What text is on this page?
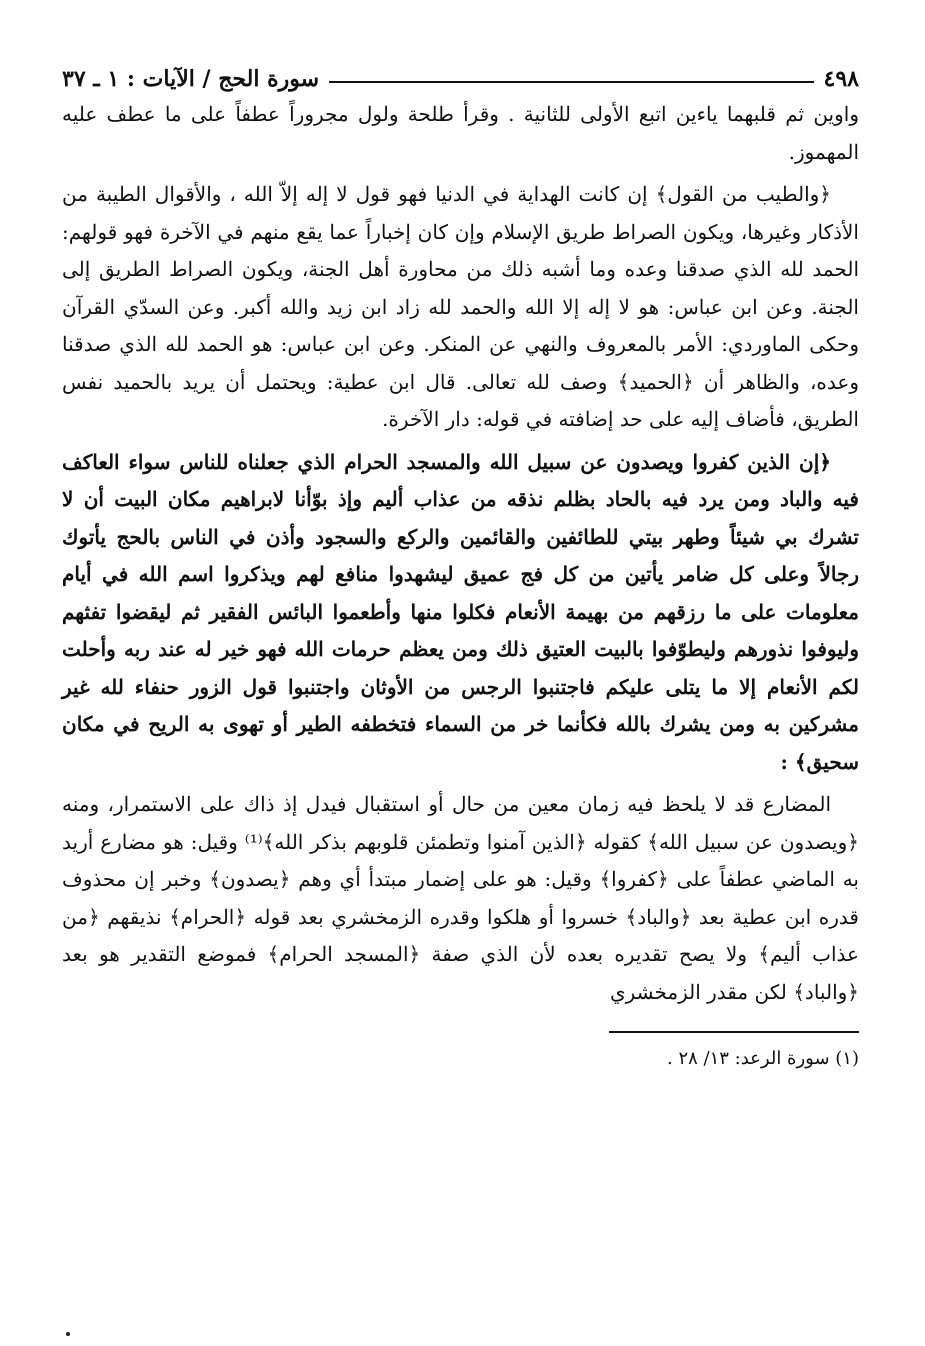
٤٩٨
سورة الحج / الآيات : ١ ـ ٣٧

واوين ثم قلبهما ياءين اتبع الأولى للثانية . وقرأ طلحة ولول مجروراً عطفاً على ما عطف عليه المهموز.

﴿والطيب من القول﴾ إن كانت الهداية في الدنيا فهو قول لا إله إلاّ الله ، والأقوال الطيبة من الأذكار وغيرها، ويكون الصراط طريق الإسلام وإن كان إخباراً عما يقع منهم في الآخرة فهو قولهم: الحمد لله الذي صدقنا وعده وما أشبه ذلك من محاورة أهل الجنة، ويكون الصراط الطريق إلى الجنة. وعن ابن عباس: هو لا إله إلا الله والحمد لله زاد ابن زيد والله أكبر. وعن السدّي القرآن وحكى الماوردي: الأمر بالمعروف والنهي عن المنكر. وعن ابن عباس: هو الحمد لله الذي صدقنا وعده، والظاهر أن ﴿الحميد﴾ وصف لله تعالى. قال ابن عطية: ويحتمل أن يريد بالحميد نفس الطريق، فأضاف إليه على حد إضافته في قوله: دار الآخرة.

﴿إن الذين كفروا ويصدون عن سبيل الله والمسجد الحرام الذي جعلناه للناس سواء العاكف فيه والباد ومن يرد فيه بالحاد بظلم نذقه من عذاب أليم وإذ بوّأنا لابراهيم مكان البيت أن لا تشرك بي شيئاً وطهر بيتي للطائفين والقائمين والركع والسجود وأذن في الناس بالحج يأتوك رجالاً وعلى كل ضامر يأتين من كل فج عميق ليشهدوا منافع لهم ويذكروا اسم الله في أيام معلومات على ما رزقهم من بهيمة الأنعام فكلوا منها وأطعموا البائس الفقير ثم ليقضوا تفثهم وليوفوا نذورهم وليطوّفوا بالبيت العتيق ذلك ومن يعظم حرمات الله فهو خير له عند ربه وأحلت لكم الأنعام إلا ما يتلى عليكم فاجتنبوا الرجس من الأوثان واجتنبوا قول الزور حنفاء لله غير مشركين به ومن يشرك بالله فكأنما خر من السماء فتخطفه الطير أو تهوى به الريح في مكان سحيق﴾ :

المضارع قد لا يلحظ فيه زمان معين من حال أو استقبال فيدل إذ ذاك على الاستمرار، ومنه ﴿ويصدون عن سبيل الله﴾ كقوله ﴿الذين آمنوا وتطمئن قلوبهم بذكر الله﴾⁽¹⁾ وقيل: هو مضارع أريد به الماضي عطفاً على ﴿كفروا﴾ وقيل: هو على إضمار مبتدأ أي وهم ﴿يصدون﴾ وخبر إن محذوف قدره ابن عطية بعد ﴿والباد﴾ خسروا أو هلكوا وقدره الزمخشري بعد قوله ﴿الحرام﴾ نذيقهم ﴿من عذاب أليم﴾ ولا يصح تقديره بعده لأن الذي صفة ﴿المسجد الحرام﴾ فموضع التقدير هو بعد ﴿والباد﴾ لكن مقدر الزمخشري

(١) سورة الرعد: ١٣/ ٢٨ .
